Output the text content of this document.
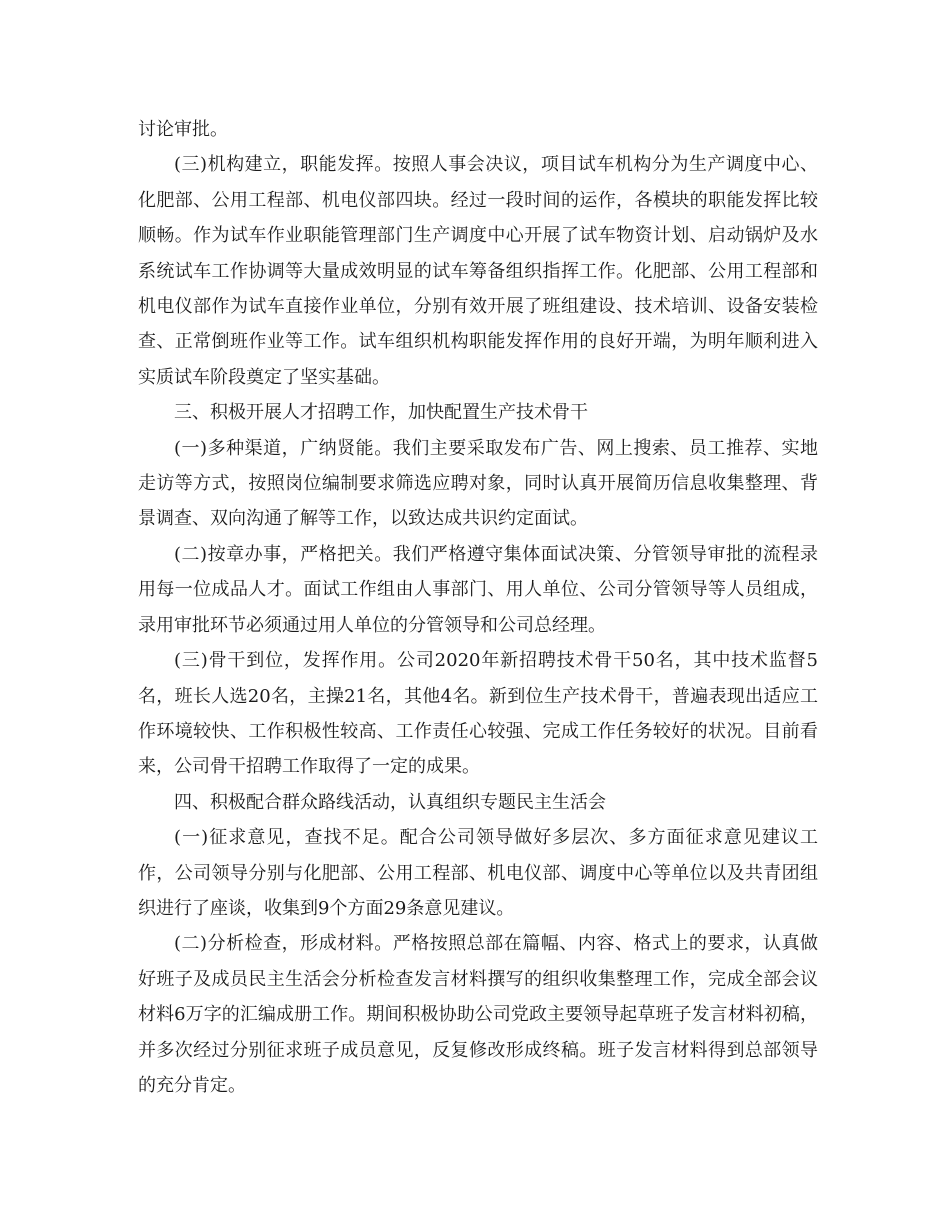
讨论审批。

(三)机构建立，职能发挥。按照人事会决议，项目试车机构分为生产调度中心、化肥部、公用工程部、机电仪部四块。经过一段时间的运作，各模块的职能发挥比较顺畅。作为试车作业职能管理部门生产调度中心开展了试车物资计划、启动锅炉及水系统试车工作协调等大量成效明显的试车筹备组织指挥工作。化肥部、公用工程部和机电仪部作为试车直接作业单位，分别有效开展了班组建设、技术培训、设备安装检查、正常倒班作业等工作。试车组织机构职能发挥作用的良好开端，为明年顺利进入实质试车阶段奠定了坚实基础。

三、积极开展人才招聘工作，加快配置生产技术骨干

(一)多种渠道，广纳贤能。我们主要采取发布广告、网上搜索、员工推荐、实地走访等方式，按照岗位编制要求筛选应聘对象，同时认真开展简历信息收集整理、背景调查、双向沟通了解等工作，以致达成共识约定面试。

(二)按章办事，严格把关。我们严格遵守集体面试决策、分管领导审批的流程录用每一位成品人才。面试工作组由人事部门、用人单位、公司分管领导等人员组成，录用审批环节必须通过用人单位的分管领导和公司总经理。

(三)骨干到位，发挥作用。公司2020年新招聘技术骨干50名，其中技术监督5名，班长人选20名，主操21名，其他4名。新到位生产技术骨干，普遍表现出适应工作环境较快、工作积极性较高、工作责任心较强、完成工作任务较好的状况。目前看来，公司骨干招聘工作取得了一定的成果。

四、积极配合群众路线活动，认真组织专题民主生活会

(一)征求意见，查找不足。配合公司领导做好多层次、多方面征求意见建议工作，公司领导分别与化肥部、公用工程部、机电仪部、调度中心等单位以及共青团组织进行了座谈，收集到9个方面29条意见建议。

(二)分析检查，形成材料。严格按照总部在篇幅、内容、格式上的要求，认真做好班子及成员民主生活会分析检查发言材料撰写的组织收集整理工作，完成全部会议材料6万字的汇编成册工作。期间积极协助公司党政主要领导起草班子发言材料初稿，并多次经过分别征求班子成员意见，反复修改形成终稿。班子发言材料得到总部领导的充分肯定。
